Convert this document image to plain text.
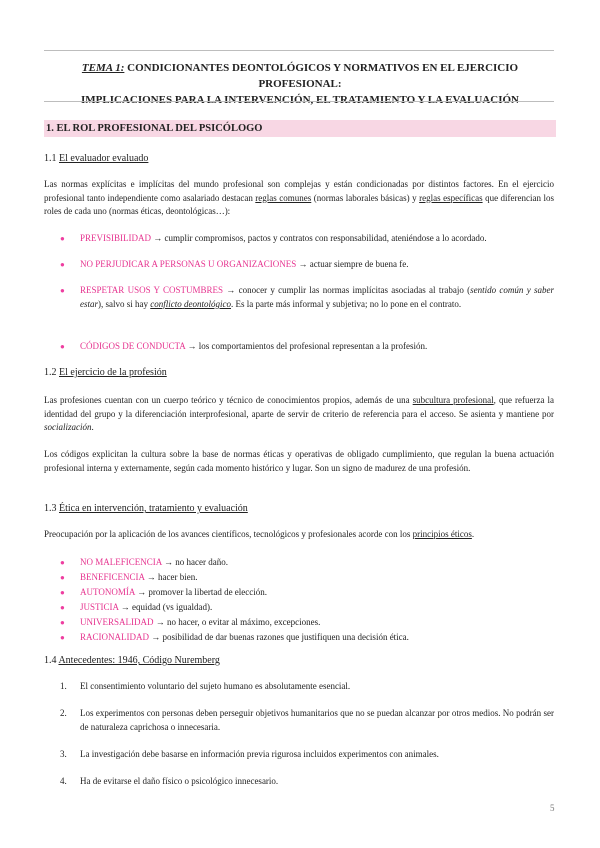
TEMA 1: CONDICIONANTES DEONTOLÓGICOS Y NORMATIVOS EN EL EJERCICIO PROFESIONAL:
IMPLICACIONES PARA LA INTERVENCIÓN, EL TRATAMIENTO Y LA EVALUACIÓN
1. EL ROL PROFESIONAL DEL PSICÓLOGO
1.1 El evaluador evaluado
Las normas explícitas e implícitas del mundo profesional son complejas y están condicionadas por distintos factores. En el ejercicio profesional tanto independiente como asalariado destacan reglas comunes (normas laborales básicas) y reglas específicas que diferencian los roles de cada uno (normas éticas, deontológicas…):
● PREVISIBILIDAD → cumplir compromisos, pactos y contratos con responsabilidad, ateniéndose a lo acordado.
● NO PERJUDICAR A PERSONAS U ORGANIZACIONES → actuar siempre de buena fe.
● RESPETAR USOS Y COSTUMBRES → conocer y cumplir las normas implícitas asociadas al trabajo (sentido común y saber estar), salvo si hay conflicto deontológico. Es la parte más informal y subjetiva; no lo pone en el contrato.
● CÓDIGOS DE CONDUCTA → los comportamientos del profesional representan a la profesión.
1.2 El ejercicio de la profesión
Las profesiones cuentan con un cuerpo teórico y técnico de conocimientos propios, además de una subcultura profesional, que refuerza la identidad del grupo y la diferenciación interprofesional, aparte de servir de criterio de referencia para el acceso. Se asienta y mantiene por socialización.
Los códigos explicitan la cultura sobre la base de normas éticas y operativas de obligado cumplimiento, que regulan la buena actuación profesional interna y externamente, según cada momento histórico y lugar. Son un signo de madurez de una profesión.
1.3 Ética en intervención, tratamiento y evaluación
Preocupación por la aplicación de los avances científicos, tecnológicos y profesionales acorde con los principios éticos.
● NO MALEFICENCIA → no hacer daño.
● BENEFICENCIA → hacer bien.
● AUTONOMÍA → promover la libertad de elección.
● JUSTICIA → equidad (vs igualdad).
● UNIVERSALIDAD → no hacer, o evitar al máximo, excepciones.
● RACIONALIDAD → posibilidad de dar buenas razones que justifiquen una decisión ética.
1.4 Antecedentes: 1946, Código Nuremberg
1. El consentimiento voluntario del sujeto humano es absolutamente esencial.
2. Los experimentos con personas deben perseguir objetivos humanitarios que no se puedan alcanzar por otros medios. No podrán ser de naturaleza caprichosa o innecesaria.
3. La investigación debe basarse en información previa rigurosa incluidos experimentos con animales.
4. Ha de evitarse el daño físico o psicológico innecesario.
5
